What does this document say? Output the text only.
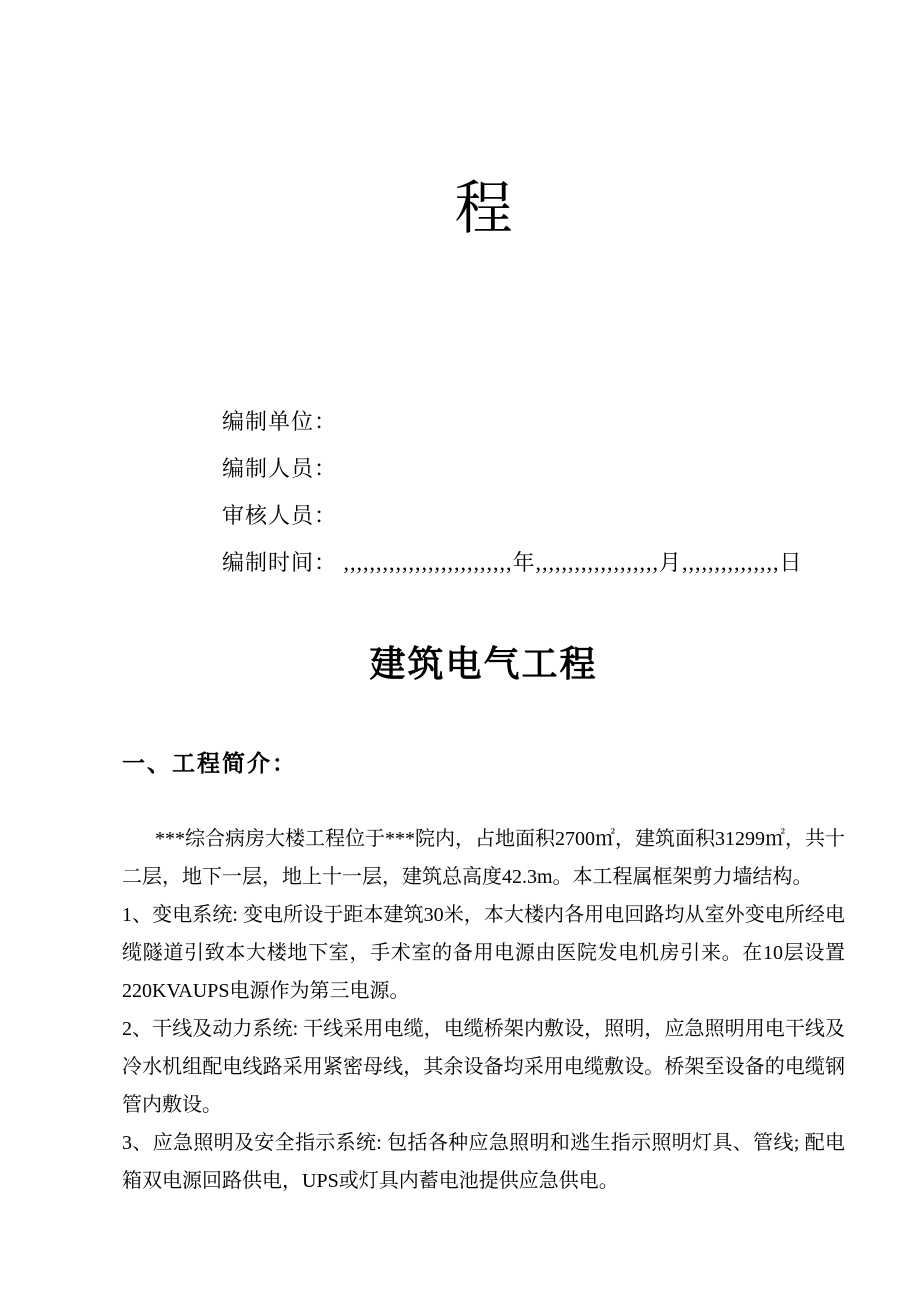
程
编制单位：
编制人员：
审核人员：
编制时间： ,,,,,,,,,,,,,,,,,,,,,,,,,,年,,,,,,,,,,,,,,,,,,,月,,,,,,,,,,,,,,,日
建筑电气工程
一、工程简介：

***综合病房大楼工程位于***院内，占地面积2700㎡，建筑面积31299㎡，共十二层，地下一层，地上十一层，建筑总高度42.3m。本工程属框架剪力墙结构。

1、变电系统: 变电所设于距本建筑30米，本大楼内各用电回路均从室外变电所经电缆隧道引致本大楼地下室，手术室的备用电源由医院发电机房引来。在10层设置220KVAUPS电源作为第三电源。

2、干线及动力系统: 干线采用电缆，电缆桥架内敷设，照明，应急照明用电干线及冷水机组配电线路采用紧密母线，其余设备均采用电缆敷设。桥架至设备的电缆钢管内敷设。

3、应急照明及安全指示系统: 包括各种应急照明和逃生指示照明灯具、管线; 配电箱双电源回路供电，UPS或灯具内蓄电池提供应急供电。
